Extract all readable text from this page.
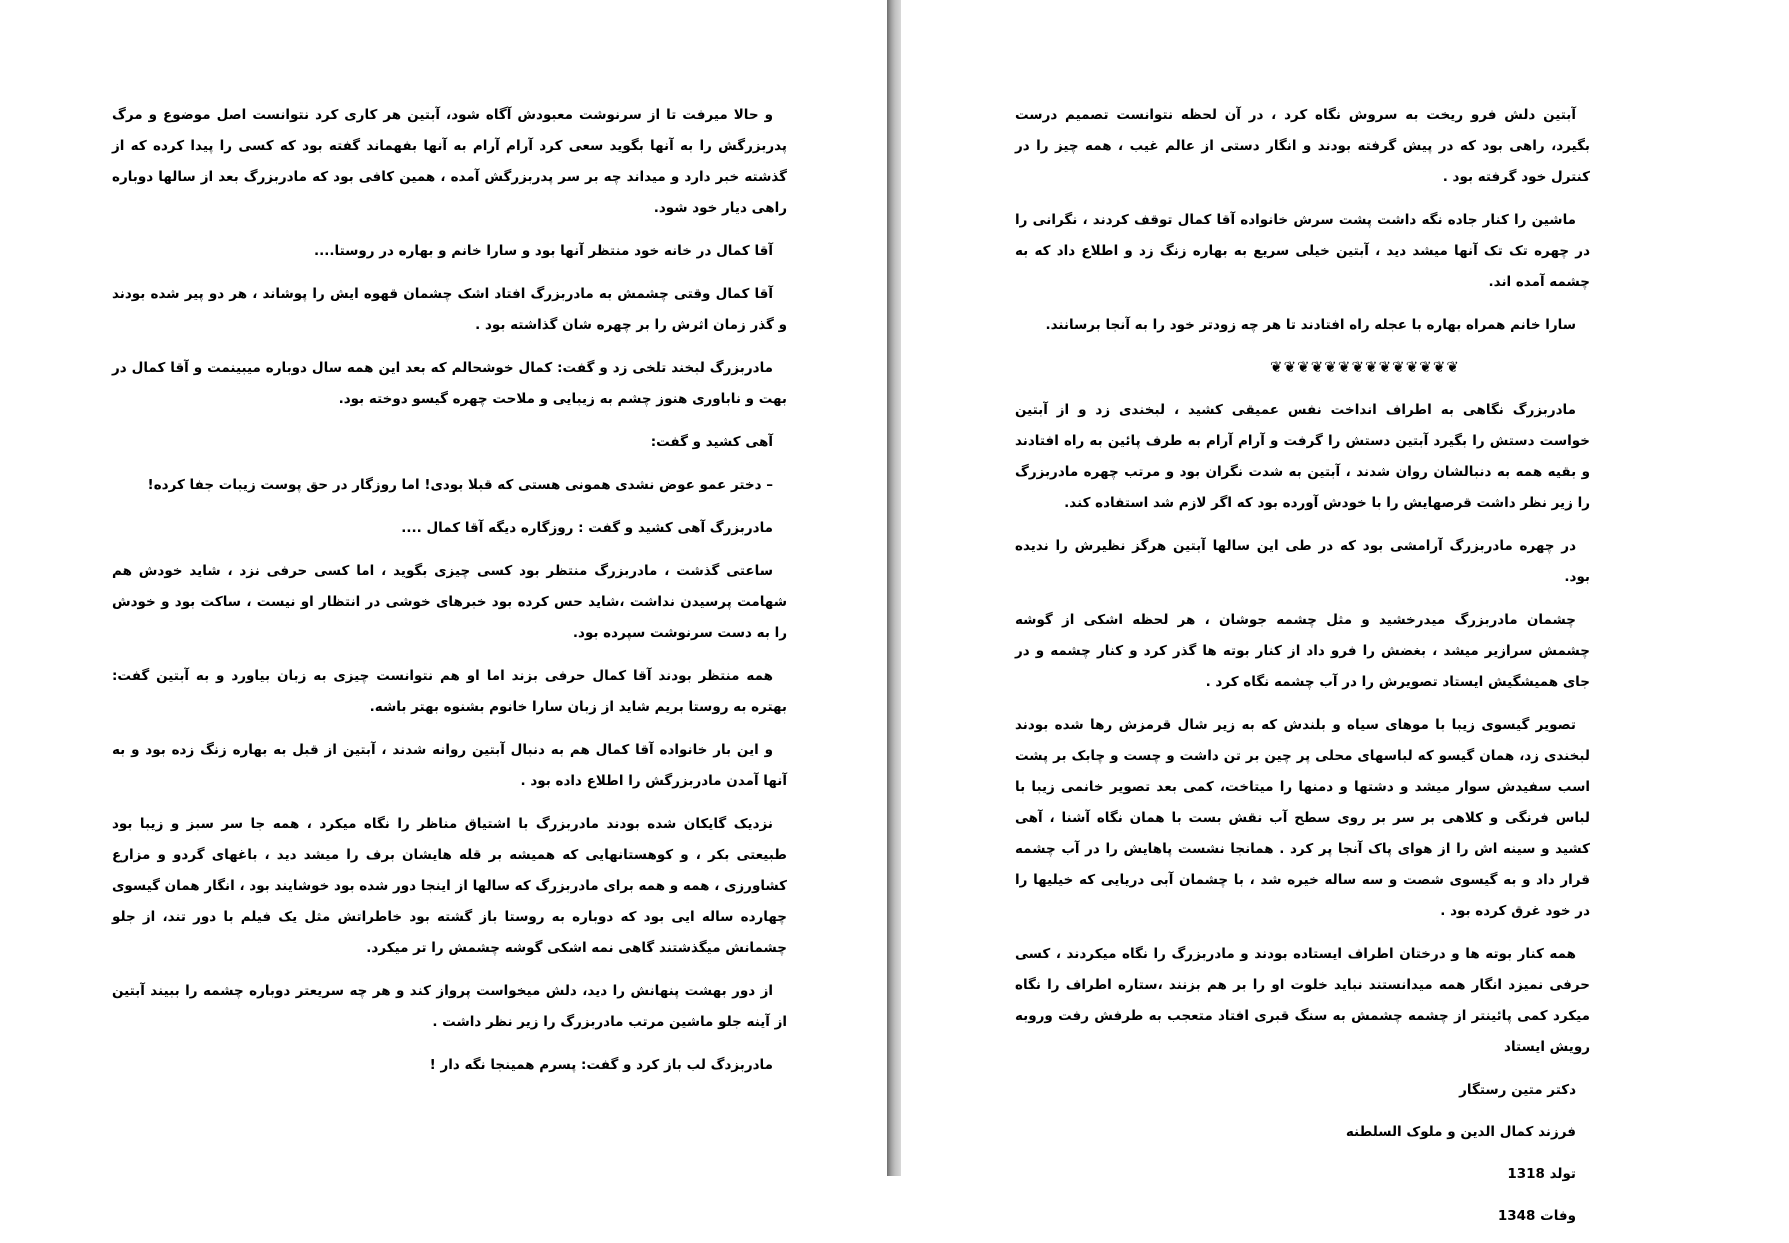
و حالا میرفت تا از سرنوشت معبودش آگاه شود، آبتین هر کاری کرد نتوانست اصل موضوع و مرگ پدربزرگش را به آنها بگوید سعی کرد آرام آرام به آنها بفهماند گفته بود که کسی را پیدا کرده که از گذشته خبر دارد و میداند چه بر سر پدربزرگش آمده ، همین کافی بود که مادربزرگ بعد از سالها دوباره راهی دیار خود شود.

آقا کمال در خانه خود منتظر آنها بود و سارا خانم و بهاره در روستا....

آقا کمال وقتی چشمش به مادربزرگ افتاد اشک چشمان قهوه ایش را پوشاند ، هر دو پیر شده بودند و گذر زمان اثرش را بر چهره شان گذاشته بود .

مادربزرگ لبخند تلخی زد و گفت: کمال خوشحالم که بعد این همه سال دوباره میبینمت و آقا کمال در بهت و ناباوری هنوز چشم به زیبایی و ملاحت چهره گیسو دوخته بود.

آهی کشید و گفت:

– دختر عمو عوض نشدی همونی هستی که قبلا بودی! اما روزگار در حق پوست زیبات جفا کرده!

مادربزرگ آهی کشید و گفت : روزگاره دیگه آقا کمال ....

ساعتی گذشت ، مادربزرگ منتظر بود کسی چیزی بگوید ، اما کسی حرفی نزد ، شاید خودش هم شهامت پرسیدن نداشت ،شاید حس کرده بود خبرهای خوشی در انتظار او نیست ، ساکت بود و خودش را به دست سرنوشت سپرده بود.

همه منتظر بودند آقا کمال حرفی بزند اما او هم نتوانست چیزی به زبان بیاورد و به آبتین گفت: بهتره به روستا بریم شاید از زبان سارا خانوم بشنوه بهتر باشه.

و این بار خانواده آقا کمال هم به دنبال آبتین روانه شدند ، آبتین از قبل به بهاره زنگ زده بود و به آنها آمدن مادربزرگش را اطلاع داده بود .

نزدیک گایکان شده بودند مادربزرگ با اشتیاق مناظر را نگاه میکرد ، همه جا سر سبز و زیبا بود طبیعتی بکر ، و کوهستانهایی که همیشه بر قله هایشان برف را میشد دید ، باغهای گردو و مزارع کشاورزی ، همه و همه برای مادربزرگ که سالها از اینجا دور شده بود خوشایند بود ، انگار همان گیسوی چهارده ساله ایی بود که دوباره به روستا باز گشته بود خاطراتش مثل یک فیلم با دور تند، از جلو چشمانش میگذشتند گاهی نمه اشکی گوشه چشمش را تر میکرد.

از دور بهشت پنهانش را دید، دلش میخواست پرواز کند و هر چه سریعتر دوباره چشمه را ببیند آبتین از آینه جلو ماشین مرتب مادربزرگ را زیر نظر داشت .

مادربزدگ لب باز کرد و گفت: پسرم همینجا نگه دار !

آبتین دلش فرو ریخت به سروش نگاه کرد ، در آن لحظه نتوانست تصمیم درست بگیرد، راهی بود که در پیش گرفته بودند و انگار دستی از عالم غیب ، همه چیز را در کنترل خود گرفته بود .

ماشین را کنار جاده نگه داشت پشت سرش خانواده آقا کمال توقف کردند ، نگرانی را در چهره تک تک آنها میشد دید ، آبتین خیلی سریع به بهاره زنگ زد و اطلاع داد که به چشمه آمده اند.

سارا خانم همراه بهاره با عجله راه افتادند تا هر چه زودتر خود را به آنجا برسانند.

❦❦❦❦❦❦❦❦❦❦❦❦❦❦

مادربزرگ نگاهی به اطراف انداخت نفس عمیقی کشید ، لبخندی زد و از آبتین خواست دستش را بگیرد آبتین دستش را گرفت و آرام آرام به طرف پائین به راه افتادند و بقیه همه به دنبالشان روان شدند ، آبتین به شدت نگران بود و مرتب چهره مادربزرگ را زیر نظر داشت قرصهایش را با خودش آورده بود که اگر لازم شد استفاده کند.

در چهره مادربزرگ آرامشی بود که در طی این سالها آبتین هرگز نظیرش را ندیده بود.

چشمان مادربزرگ میدرخشید و مثل چشمه جوشان ، هر لحظه اشکی از گوشه چشمش سرازیر میشد ، بغضش را فرو داد از کنار بوته ها گذر کرد و کنار چشمه و در جای همیشگیش ایستاد تصویرش را در آب چشمه نگاه کرد .

تصویر گیسوی زیبا با موهای سیاه و بلندش که به زیر شال قرمزش رها شده بودند لبخندی زد، همان گیسو که لباسهای محلی پر چین بر تن داشت و چست و چابک بر پشت اسب سفیدش سوار میشد و دشتها و دمنها را میتاخت، کمی بعد تصویر خانمی زیبا با لباس فرنگی و کلاهی بر سر بر روی سطح آب نقش بست با همان نگاه آشنا ، آهی کشید و سینه اش را از هوای پاک آنجا پر کرد . همانجا نشست پاهایش را در آب چشمه قرار داد و به گیسوی شصت و سه ساله خیره شد ، با چشمان آبی دریایی که خیلیها را در خود غرق کرده بود .

همه کنار بوته ها و درختان اطراف ایستاده بودند و مادربزرگ را نگاه میکردند ، کسی حرفی نمیزد انگار همه میدانستند نباید خلوت او را بر هم بزنند ،ستاره اطراف را نگاه میکرد کمی پائینتر از چشمه چشمش به سنگ قبری افتاد متعجب به طرفش رفت وروبه رویش ایستاد

دکتر متین رستگار

فرزند کمال الدین و ملوک السلطنه

تولد 1318

وفات 1348
